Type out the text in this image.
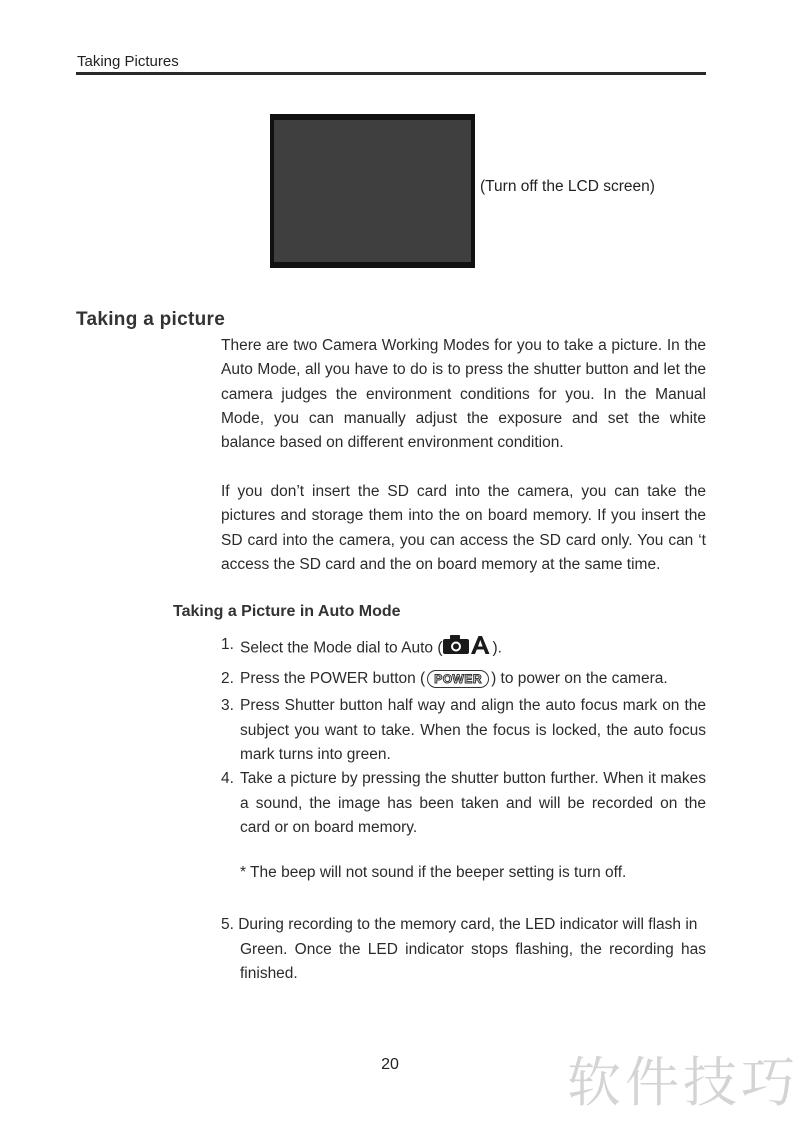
Taking Pictures
(Turn off the LCD screen)
Taking a picture
There are two Camera Working Modes for you to take a picture. In the Auto Mode, all you have to do is to press the shutter button and let the camera judges the environment conditions for you. In the Manual Mode, you can manually adjust the exposure and set the white balance based on different environment condition.
If you don’t insert the SD card into the camera, you can take the pictures and storage them into the on board memory. If you insert the SD card into the camera, you can access the SD card only. You can ‘t access the SD card and the on board memory at the same time.
Taking a Picture in Auto Mode
1. Select the Mode dial to Auto (	).
2. Press the POWER button ( POWER ) to power on the camera.
3. Press Shutter button half way and align the auto focus mark on the subject you want to take. When the focus is locked, the auto focus mark turns into green.
4. Take a picture by pressing the shutter button further. When it makes a sound, the image has been taken and will be recorded on the card or on board memory.
* The beep will not sound if the beeper setting is turn off.
5. During recording to the memory card, the LED indicator will flash in
Green. Once the LED indicator stops flashing, the recording has finished.
20	软件技巧
